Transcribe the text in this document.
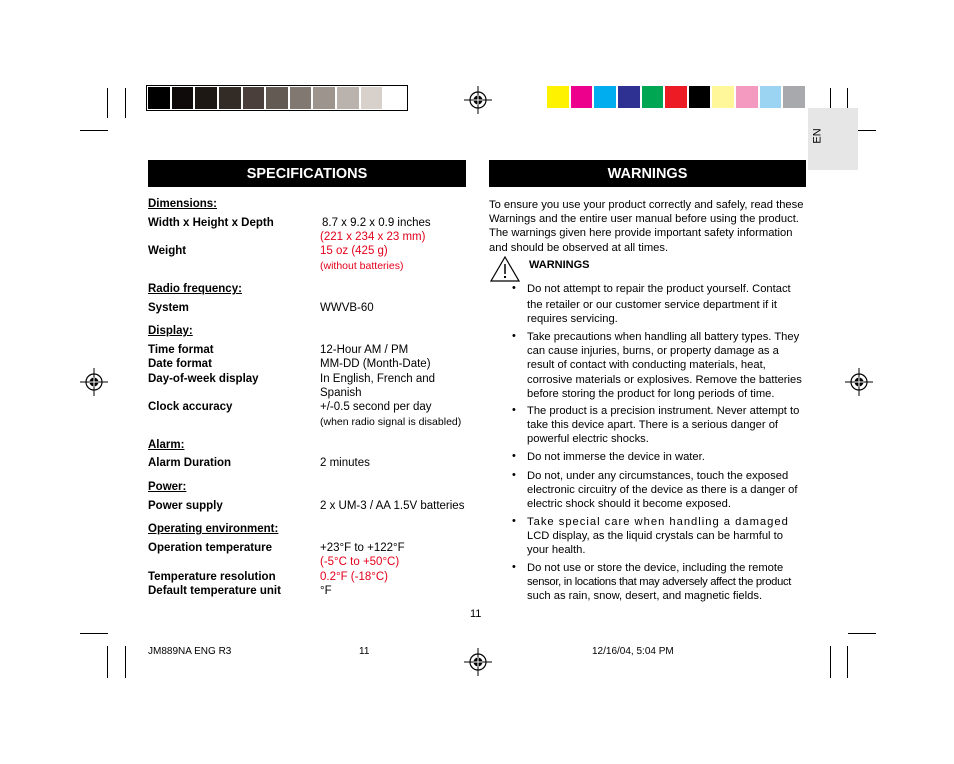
EN
SPECIFICATIONS
Dimensions:
Width x Height x Depth	8.7 x 9.2 x 0.9 inches
(221 x 234 x 23 mm)
Weight	15 oz (425 g)
(without batteries)
Radio frequency:
System	WWVB-60
Display:
Time format	12-Hour AM / PM
Date format	MM-DD (Month-Date)
Day-of-week display	In English, French and
Spanish
Clock accuracy	+/-0.5 second per day
(when radio signal is disabled)
Alarm:
Alarm Duration	2 minutes
Power:
Power supply	2 x UM-3 / AA 1.5V batteries
Operating environment:
Operation temperature	+23°F to +122°F
(-5°C to +50°C)
Temperature resolution	0.2°F (-18°C)
Default temperature unit	°F
WARNINGS
To ensure you use your product correctly and safely, read these
Warnings and the entire user manual before using the product.
The warnings given here provide important safety information
and should be observed at all times.
WARNINGS
• Do not attempt to repair the product yourself. Contact
the retailer or our customer service department if it
requires servicing.
• Take precautions when handling all battery types. They
can cause injuries, burns, or property damage as a
result of contact with conducting materials, heat,
corrosive materials or explosives. Remove the batteries
before storing the product for long periods of time.
• The product is a precision instrument. Never attempt to
take this device apart. There is a serious danger of
powerful electric shocks.
• Do not immerse the device in water.
• Do not, under any circumstances, touch the exposed
electronic circuitry of the device as there is a danger of
electric shock should it become exposed.
• Take special care when handling a damaged
LCD display, as the liquid crystals can be harmful to
your health.
• Do not use or store the device, including the remote
sensor, in locations that may adversely affect the product
such as rain, snow, desert, and magnetic fields.
11
JM889NA ENG R3	11	12/16/04, 5:04 PM
